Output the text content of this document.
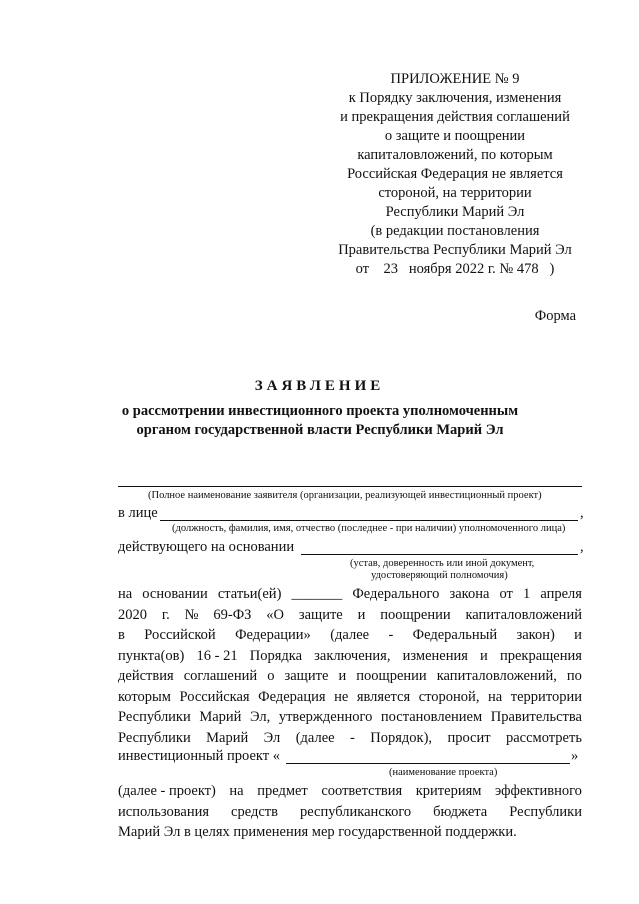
ПРИЛОЖЕНИЕ № 9
к Порядку заключения, изменения
и прекращения действия соглашений
о защите и поощрении
капиталовложений, по которым
Российская Федерация не является
стороной, на территории
Республики Марий Эл
(в редакции постановления
Правительства Республики Марий Эл
от 23 ноября 2022 г. № 478 )
Форма
ЗАЯВЛЕНИЕ
о рассмотрении инвестиционного проекта уполномоченным
органом государственной власти Республики Марий Эл
(Полное наименование заявителя (организации, реализующей инвестиционный проект)
в лице	,
(должность, фамилия, имя, отчество (последнее - при наличии) уполномоченного лица)
действующего на основании	,
(устав, доверенность или иной документ,
удостоверяющий полномочия)
на основании статьи(ей) _______ Федерального закона от 1 апреля
2020 г. № 69-ФЗ «О защите и поощрении капиталовложений
в Российской Федерации» (далее - Федеральный закон) и
пункта(ов) 16 - 21 Порядка заключения, изменения и прекращения
действия соглашений о защите и поощрении капиталовложений, по
которым Российская Федерация не является стороной, на территории
Республики Марий Эл, утвержденного постановлением Правительства
Республики Марий Эл (далее - Порядок), просит рассмотреть
инвестиционный проект «	»
(наименование проекта)
(далее - проект) на предмет соответствия критериям эффективного
использования средств республиканского бюджета Республики
Марий Эл в целях применения мер государственной поддержки.
